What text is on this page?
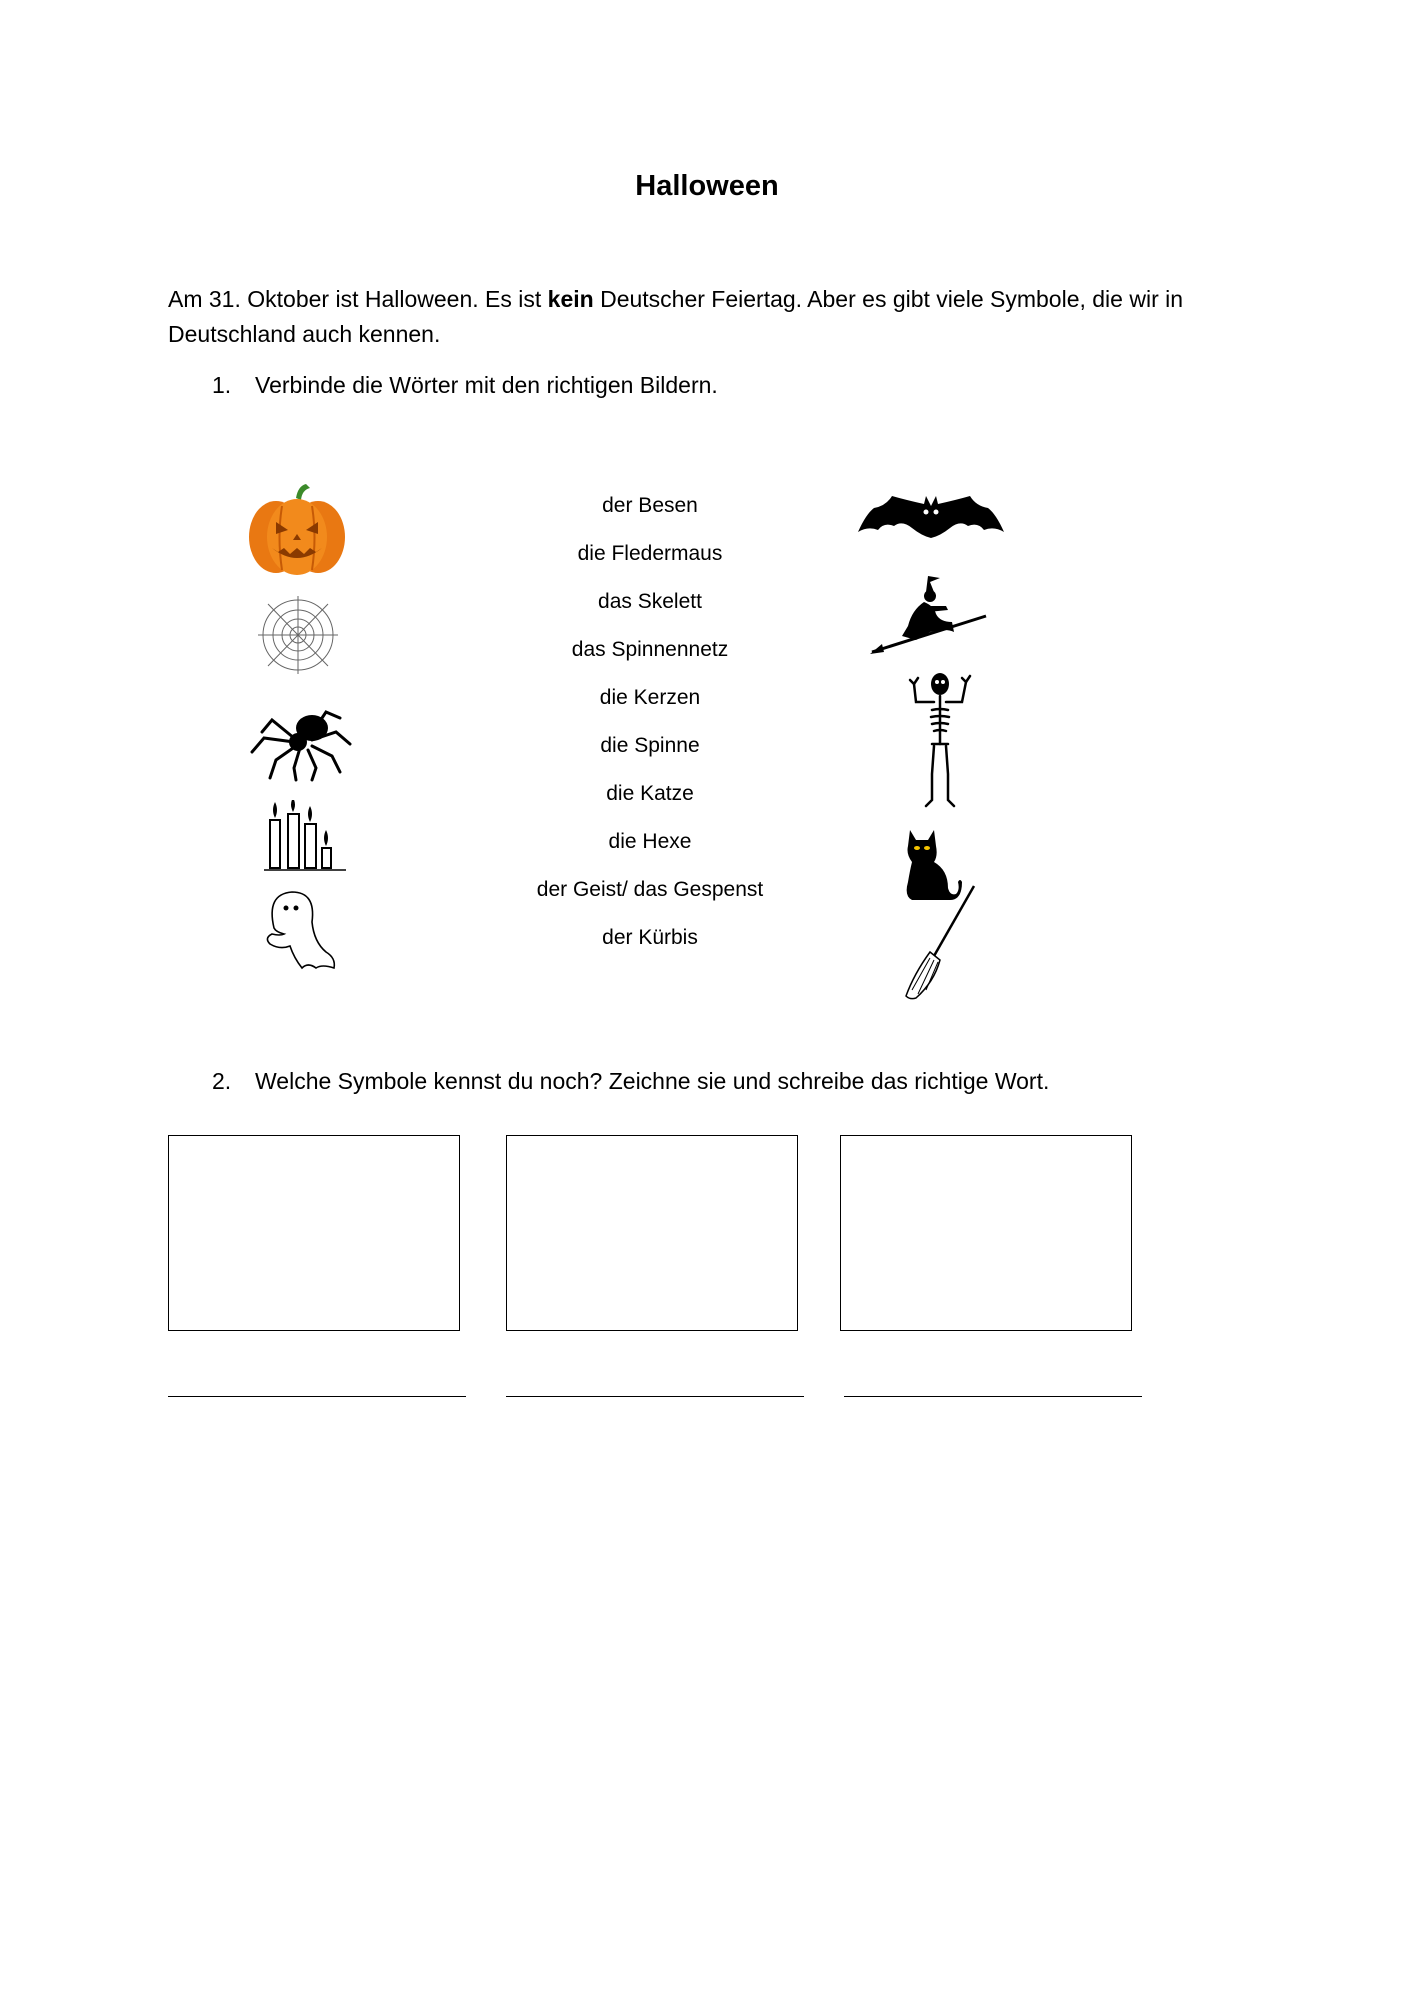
Halloween

Am 31. Oktober ist Halloween. Es ist kein Deutscher Feiertag. Aber es gibt viele Symbole, die wir in Deutschland auch kennen.

1. Verbinde die Wörter mit den richtigen Bildern.
der Besen
die Fledermaus
das Skelett
das Spinnennetz
die Kerzen
die Spinne
die Katze
die Hexe
der Geist/ das Gespenst
der Kürbis
2. Welche Symbole kennst du noch? Zeichne sie und schreibe das richtige Wort.
